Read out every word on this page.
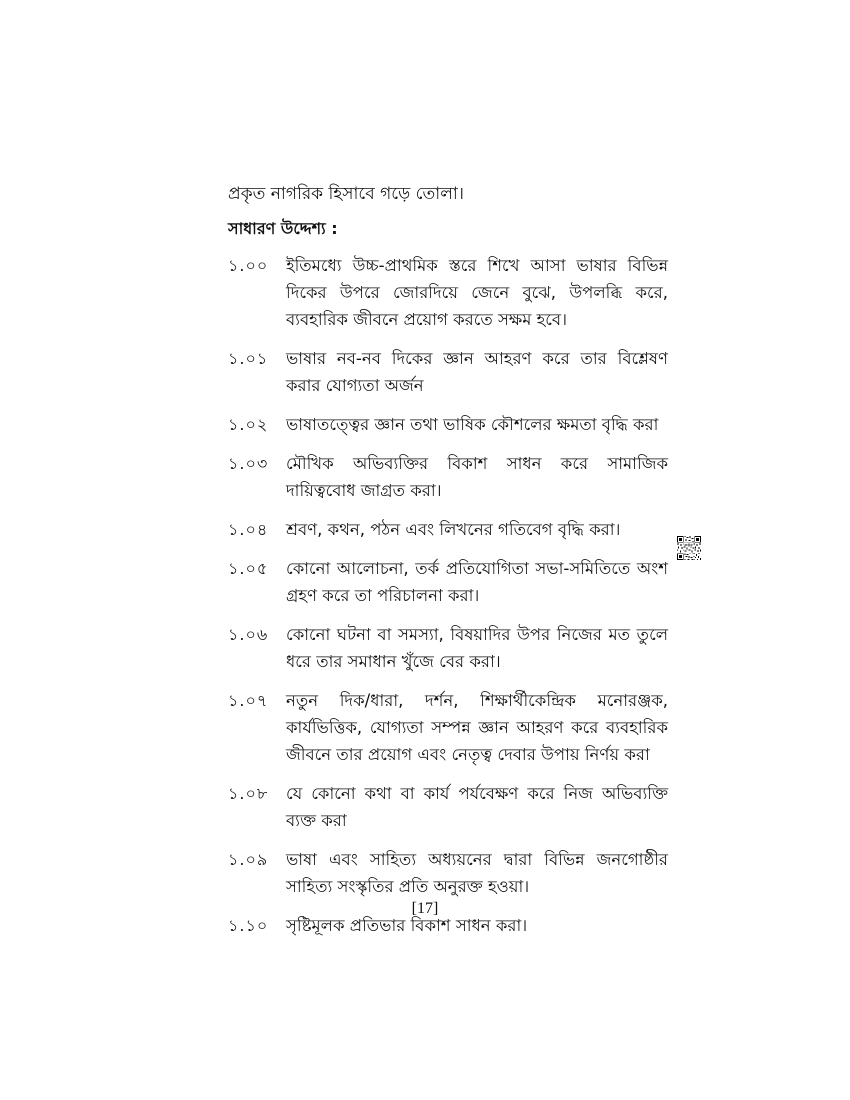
প্রকৃত নাগরিক হিসাবে গড়ে তোলা।
সাধারণ উদ্দেশ্য :
১.০০	ইতিমধ্যে উচ্চ-প্রাথমিক স্তরে শিখে আসা ভাষার বিভিন্ন দিকের উপরে জোরদিয়ে জেনে বুঝে, উপলব্ধি করে, ব্যবহারিক জীবনে প্রয়োগ করতে সক্ষম হবে।
১.০১	ভাষার নব-নব দিকের জ্ঞান আহরণ করে তার বিশ্লেষণ করার যোগ্যতা অর্জন
১.০২	ভাষাতত্ত্বের জ্ঞান তথা ভাষিক কৌশলের ক্ষমতা বৃদ্ধি করা
১.০৩	মৌখিক অভিব্যক্তির বিকাশ সাধন করে সামাজিক দায়িত্ববোধ জাগ্রত করা।
১.০৪	শ্রবণ, কথন, পঠন এবং লিখনের গতিবেগ বৃদ্ধি করা।
১.০৫	কোনো আলোচনা, তর্ক প্রতিযোগিতা সভা-সমিতিতে অংশ গ্রহণ করে তা পরিচালনা করা।
১.০৬	কোনো ঘটনা বা সমস্যা, বিষয়াদির উপর নিজের মত তুলে ধরে তার সমাধান খুঁজে বের করা।
১.০৭	নতুন দিক/ধারা, দর্শন, শিক্ষার্থীকেন্দ্রিক মনোরঞ্জক, কার্যভিত্তিক, যোগ্যতা সম্পন্ন জ্ঞান আহরণ করে ব্যবহারিক জীবনে তার প্রয়োগ এবং নেতৃত্ব দেবার উপায় নির্ণয় করা
১.০৮	যে কোনো কথা বা কার্য পর্যবেক্ষণ করে নিজ অভিব্যক্তি ব্যক্ত করা
১.০৯	ভাষা এবং সাহিত্য অধ্যয়নের দ্বারা বিভিন্ন জনগোষ্ঠীর সাহিত্য সংস্কৃতির প্রতি অনুরক্ত হওয়া।
১.১০	সৃষ্টিমূলক প্রতিভার বিকাশ সাধন করা।
[17]
